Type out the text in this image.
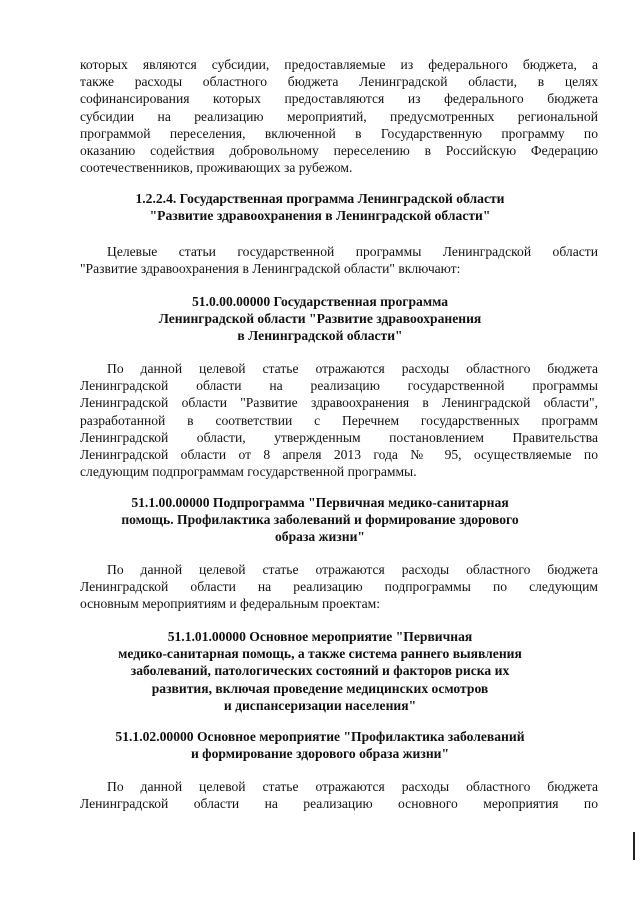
которых являются субсидии, предоставляемые из федерального бюджета, а
также расходы областного бюджета Ленинградской области, в целях
софинансирования которых предоставляются из федерального бюджета
субсидии на реализацию мероприятий, предусмотренных региональной
программой переселения, включенной в Государственную программу по
оказанию содействия добровольному переселению в Российскую Федерацию
соотечественников, проживающих за рубежом.
1.2.2.4. Государственная программа Ленинградской области
"Развитие здравоохранения в Ленинградской области"
Целевые статьи государственной программы Ленинградской области
"Развитие здравоохранения в Ленинградской области" включают:
51.0.00.00000 Государственная программа
Ленинградской области "Развитие здравоохранения
в Ленинградской области"
По данной целевой статье отражаются расходы областного бюджета
Ленинградской области на реализацию государственной программы
Ленинградской области "Развитие здравоохранения в Ленинградской области",
разработанной в соответствии с Перечнем государственных программ
Ленинградской области, утвержденным постановлением Правительства
Ленинградской области от 8 апреля 2013 года № 95, осуществляемые по
следующим подпрограммам государственной программы.
51.1.00.00000 Подпрограмма "Первичная медико-санитарная
помощь. Профилактика заболеваний и формирование здорового
образа жизни"
По данной целевой статье отражаются расходы областного бюджета
Ленинградской области на реализацию подпрограммы по следующим
основным мероприятиям и федеральным проектам:
51.1.01.00000 Основное мероприятие "Первичная
медико-санитарная помощь, а также система раннего выявления
заболеваний, патологических состояний и факторов риска их
развития, включая проведение медицинских осмотров
и диспансеризации населения"
51.1.02.00000 Основное мероприятие "Профилактика заболеваний
и формирование здорового образа жизни"
По данной целевой статье отражаются расходы областного бюджета
Ленинградской области на реализацию основного мероприятия по
